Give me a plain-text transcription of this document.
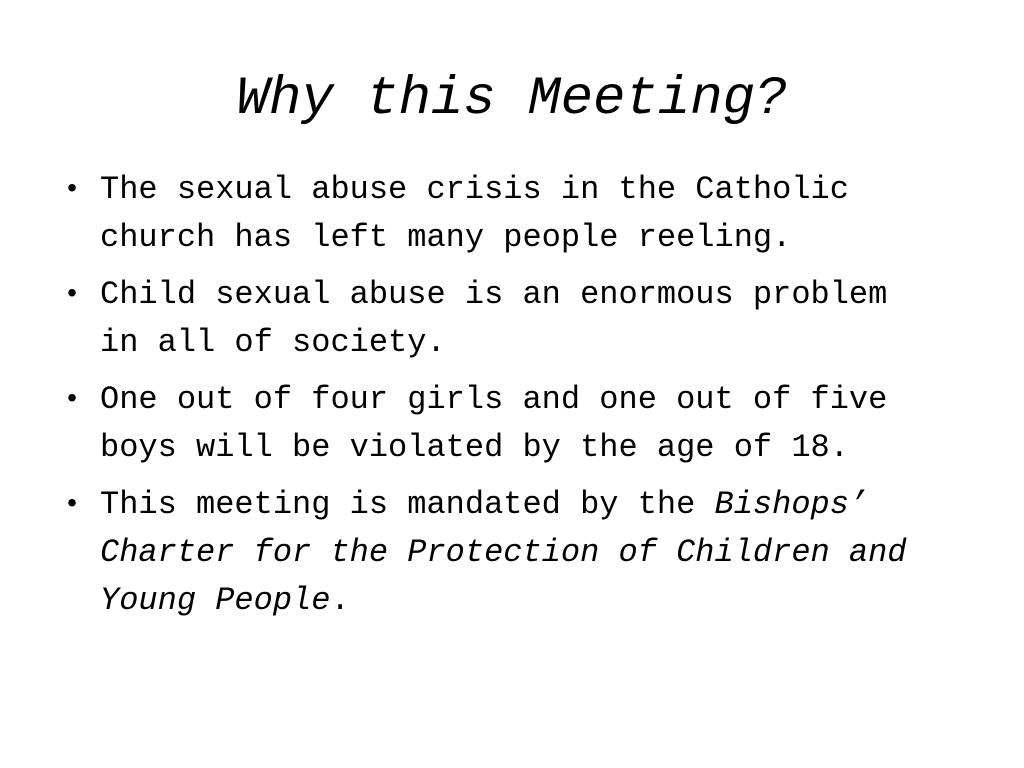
Why this Meeting?
• The sexual abuse crisis in the Catholic
church has left many people reeling.
• Child sexual abuse is an enormous problem
in all of society.
• One out of four girls and one out of five
boys will be violated by the age of 18.
• This meeting is mandated by the Bishops’
Charter for the Protection of Children and
Young People.
